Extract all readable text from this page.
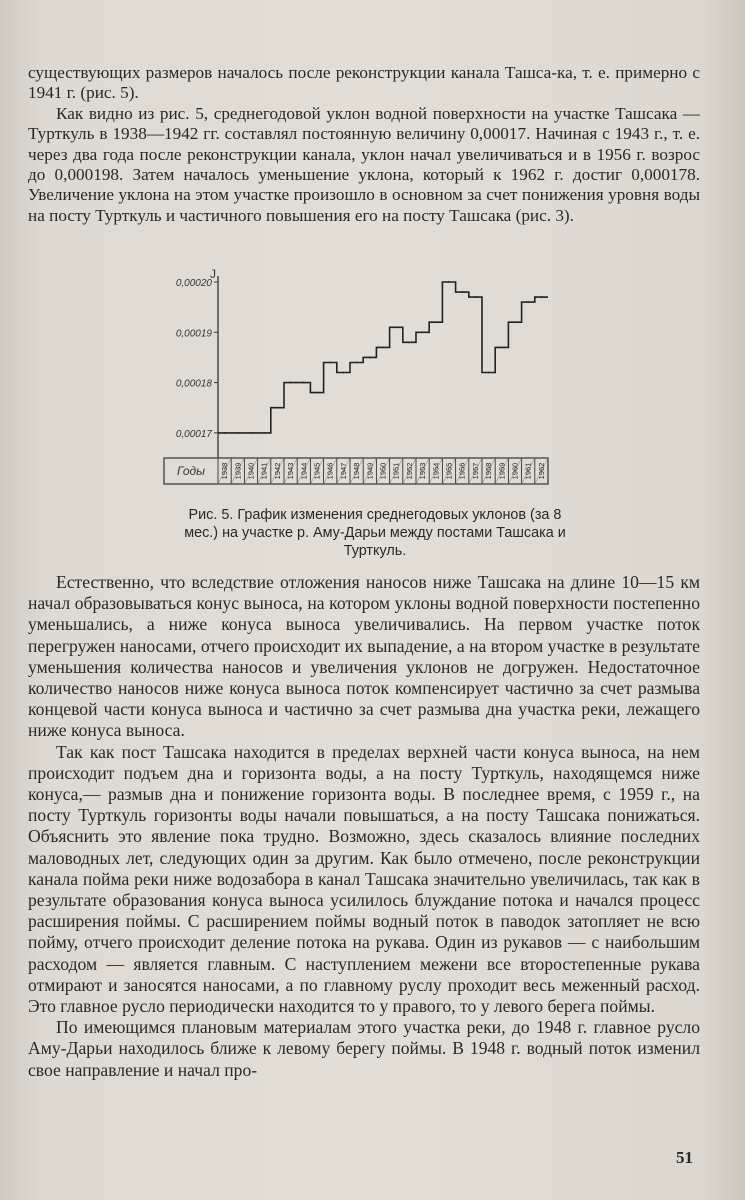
существующих размеров началось после реконструкции канала Ташса-ка, т. е. примерно с 1941 г. (рис. 5).

Как видно из рис. 5, среднегодовой уклон водной поверхности на участке Ташсака — Турткуль в 1938—1942 гг. составлял постоянную величину 0,00017. Начиная с 1943 г., т. е. через два года после реконструкции канала, уклон начал увеличиваться и в 1956 г. возрос до 0,000198. Затем началось уменьшение уклона, который к 1962 г. достиг 0,000178. Увеличение уклона на этом участке произошло в основном за счет понижения уровня воды на посту Турткуль и частичного повышения его на посту Ташсака (рис. 3).

J
0,00017
0,00018
0,00019
0,00020
Годы 1938 1939 1940 1941 1942 1943 1944 1945 1946 1947 1948 1949 1950 1951 1952 1953 1954 1955 1956 1957 1958 1959 1960 1961 1962
Рис. 5. График изменения среднегодовых уклонов (за 8 мес.) на участке р. Аму-Дарьи между постами Ташсака и Турткуль.

Естественно, что вследствие отложения наносов ниже Ташсака на длине 10—15 км начал образовываться конус выноса, на котором уклоны водной поверхности постепенно уменьшались, а ниже конуса выноса увеличивались. На первом участке поток перегружен наносами, отчего происходит их выпадение, а на втором участке в результате уменьшения количества наносов и увеличения уклонов не догружен. Недостаточное количество наносов ниже конуса выноса поток компенсирует частично за счет размыва концевой части конуса выноса и частично за счет размыва дна участка реки, лежащего ниже конуса выноса.

Так как пост Ташсака находится в пределах верхней части конуса выноса, на нем происходит подъем дна и горизонта воды, а на посту Турткуль, находящемся ниже конуса,— размыв дна и понижение горизонта воды. В последнее время, с 1959 г., на посту Турткуль горизонты воды начали повышаться, а на посту Ташсака понижаться. Объяснить это явление пока трудно. Возможно, здесь сказалось влияние последних маловодных лет, следующих один за другим. Как было отмечено, после реконструкции канала пойма реки ниже водозабора в канал Ташсака значительно увеличилась, так как в результате образования конуса выноса усилилось блуждание потока и начался процесс расширения поймы. С расширением поймы водный поток в паводок затопляет не всю пойму, отчего происходит деление потока на рукава. Один из рукавов — с наибольшим расходом — является главным. С наступлением межени все второстепенные рукава отмирают и заносятся наносами, а по главному руслу проходит весь меженный расход. Это главное русло периодически находится то у правого, то у левого берега поймы.

По имеющимся плановым материалам этого участка реки, до 1948 г. главное русло Аму-Дарьи находилось ближе к левому берегу поймы. В 1948 г. водный поток изменил свое направление и начал про-

51
